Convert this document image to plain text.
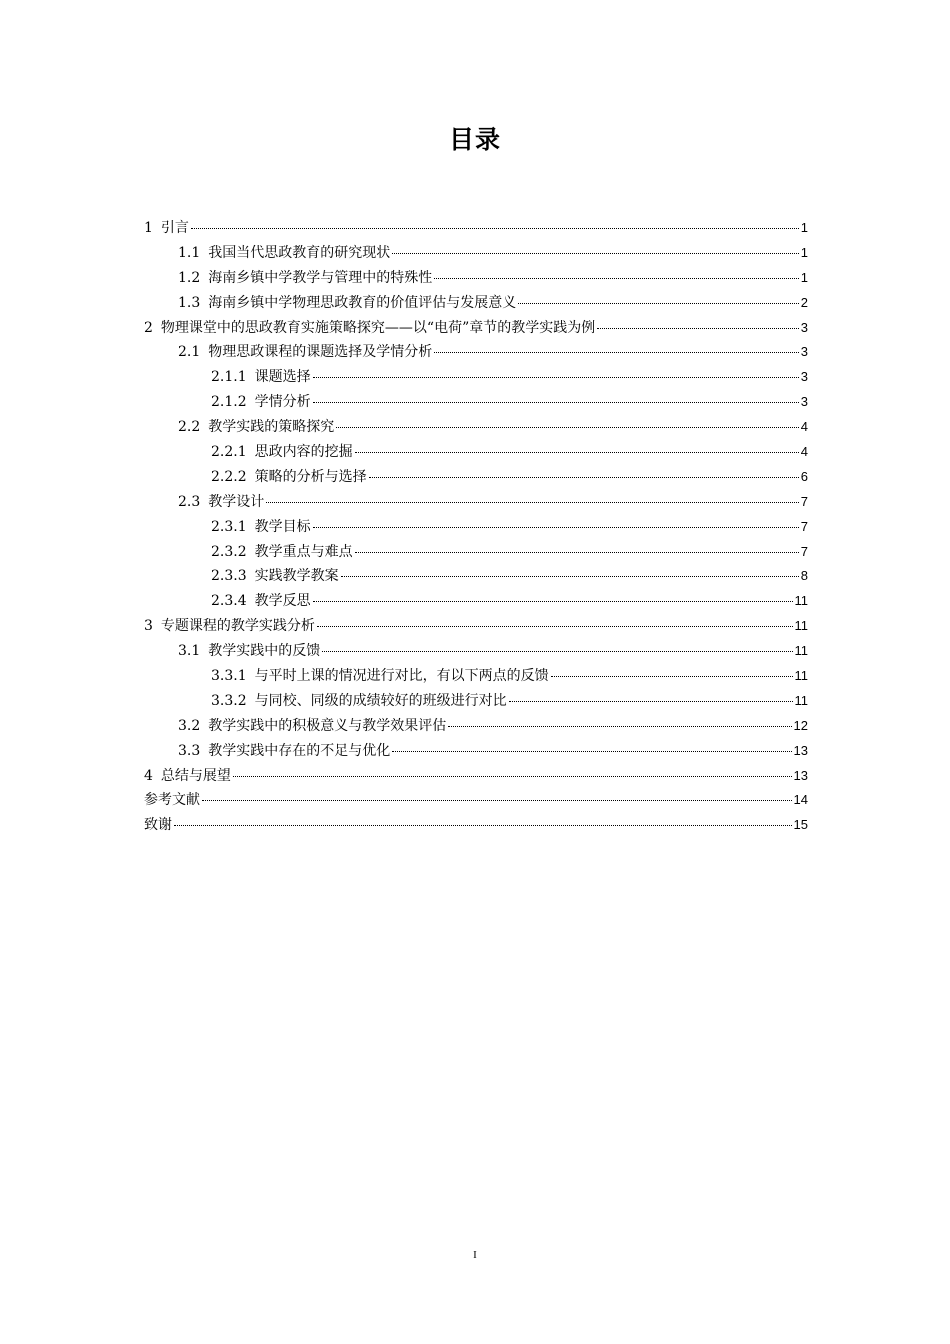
目录
1 引言	1
1.1 我国当代思政教育的研究现状	1
1.2 海南乡镇中学教学与管理中的特殊性	1
1.3 海南乡镇中学物理思政教育的价值评估与发展意义	2
2 物理课堂中的思政教育实施策略探究——以“电荷”章节的教学实践为例	3
2.1 物理思政课程的课题选择及学情分析	3
2.1.1 课题选择	3
2.1.2 学情分析	3
2.2 教学实践的策略探究	4
2.2.1 思政内容的挖掘	4
2.2.2 策略的分析与选择	6
2.3 教学设计	7
2.3.1 教学目标	7
2.3.2 教学重点与难点	7
2.3.3 实践教学教案	8
2.3.4 教学反思	11
3 专题课程的教学实践分析	11
3.1 教学实践中的反馈	11
3.3.1 与平时上课的情况进行对比，有以下两点的反馈	11
3.3.2 与同校、同级的成绩较好的班级进行对比	11
3.2 教学实践中的积极意义与教学效果评估	12
3.3 教学实践中存在的不足与优化	13
4 总结与展望	13
参考文献	14
致谢	15
I
